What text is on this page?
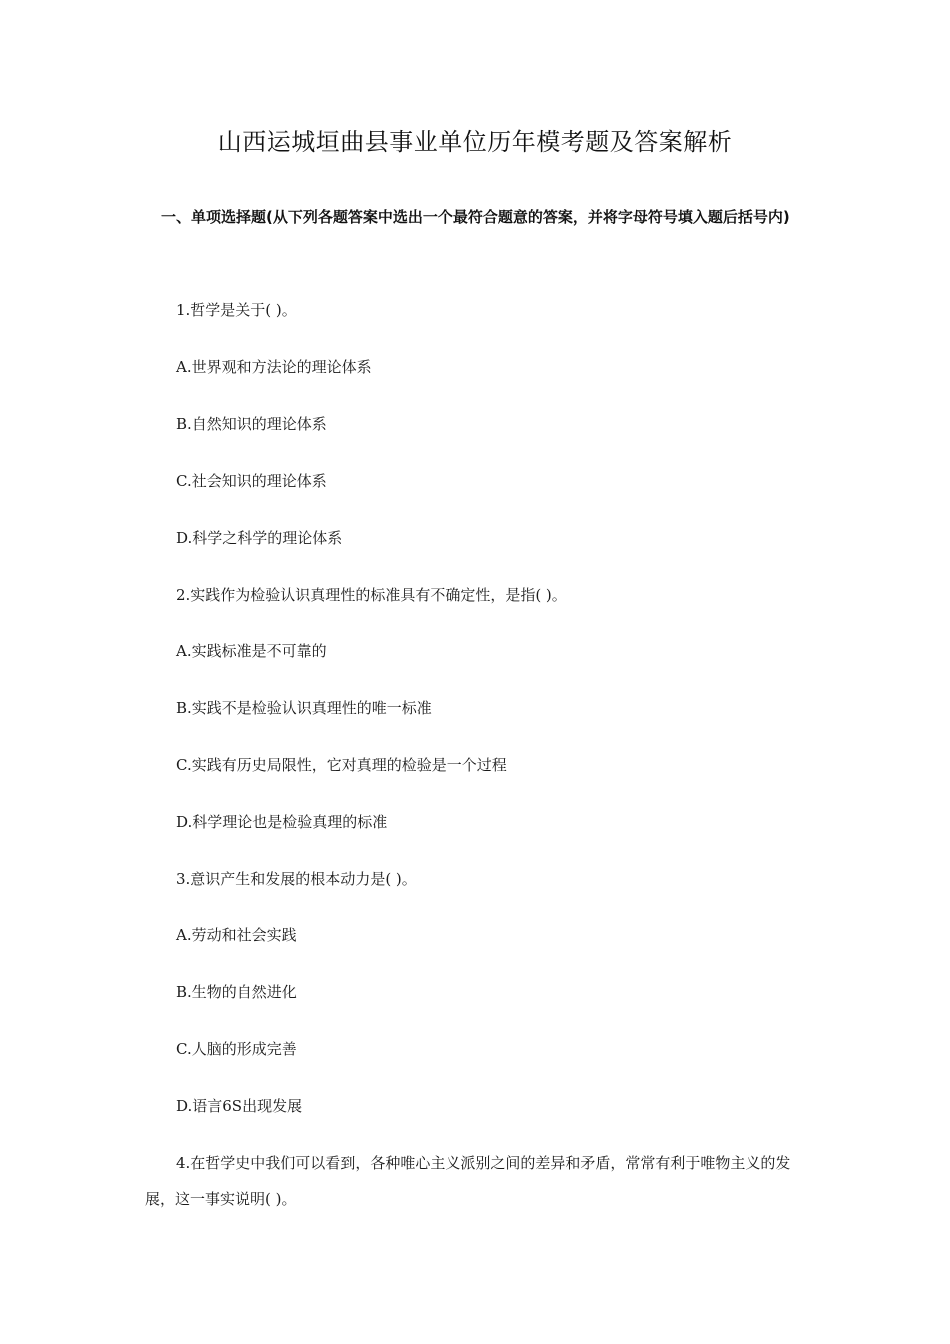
山西运城垣曲县事业单位历年模考题及答案解析

一、单项选择题(从下列各题答案中选出一个最符合题意的答案，并将字母符号填入题后括号内)

1.哲学是关于( )。

A.世界观和方法论的理论体系

B.自然知识的理论体系

C.社会知识的理论体系

D.科学之科学的理论体系

2.实践作为检验认识真理性的标准具有不确定性，是指( )。

A.实践标准是不可靠的

B.实践不是检验认识真理性的唯一标准

C.实践有历史局限性，它对真理的检验是一个过程

D.科学理论也是检验真理的标准

3.意识产生和发展的根本动力是( )。

A.劳动和社会实践

B.生物的自然进化

C.人脑的形成完善

D.语言6S出现发展

4.在哲学史中我们可以看到，各种唯心主义派别之间的差异和矛盾，常常有利于唯物主义的发展，这一事实说明( )。
